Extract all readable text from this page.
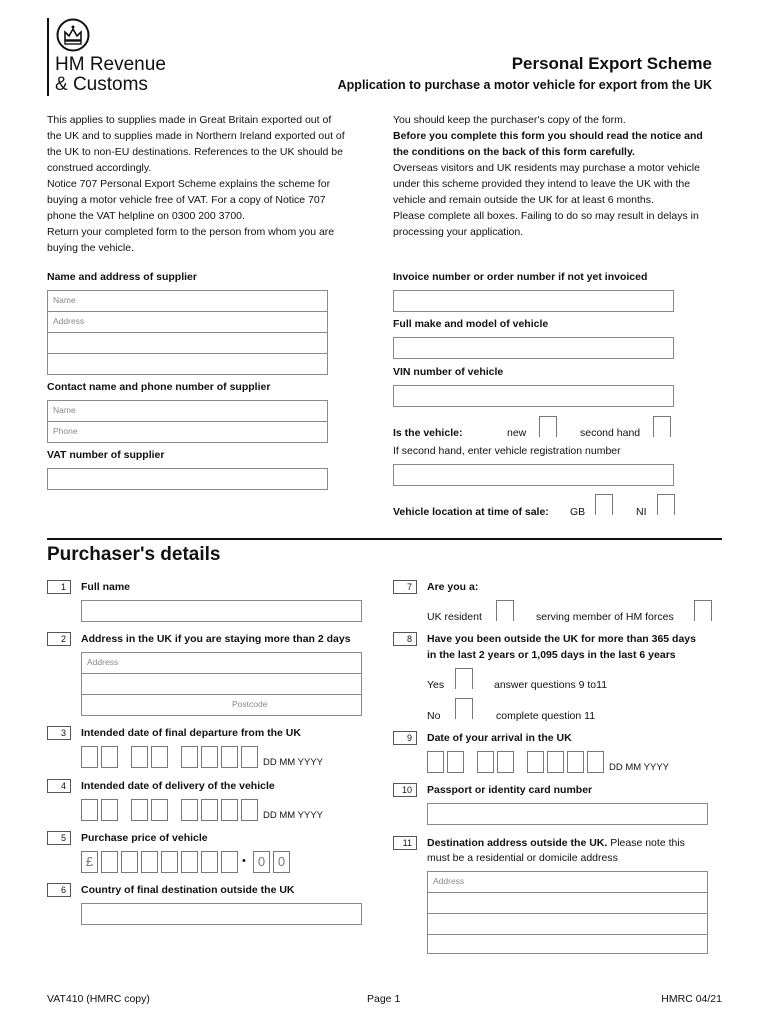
HM Revenue
& Customs
Personal Export Scheme
Application to purchase a motor vehicle for export from the UK
This applies to supplies made in Great Britain exported out of
the UK and to supplies made in Northern Ireland exported out of
the UK to non-EU destinations. References to the UK should be
construed accordingly.
Notice 707 Personal Export Scheme explains the scheme for
buying a motor vehicle free of VAT. For a copy of Notice 707
phone the VAT helpline on 0300 200 3700.
Return your completed form to the person from whom you are
buying the vehicle.
You should keep the purchaser's copy of the form.
Before you complete this form you should read the notice and
the conditions on the back of this form carefully.
Overseas visitors and UK residents may purchase a motor vehicle
under this scheme provided they intend to leave the UK with the
vehicle and remain outside the UK for at least 6 months.
Please complete all boxes. Failing to do so may result in delays in
processing your application.
Name and address of supplier
Name
Address
Contact name and phone number of supplier
Name
Phone
VAT number of supplier
Invoice number or order number if not yet invoiced
Full make and model of vehicle
VIN number of vehicle
Is the vehicle:	new	second hand
If second hand, enter vehicle registration number
Vehicle location at time of sale: GB	NI
Purchaser's details
1	Full name
2	Address in the UK if you are staying more than 2 days
Address
Postcode
3	Intended date of final departure from the UK
DD MM YYYY
4	Intended date of delivery of the vehicle
DD MM YYYY
5	Purchase price of vehicle
£	• 0 0
6	Country of final destination outside the UK
7	Are you a:
UK resident	serving member of HM forces
8	Have you been outside the UK for more than 365 days
in the last 2 years or 1,095 days in the last 6 years
Yes	answer questions 9 to11
No	complete question 11
9	Date of your arrival in the UK
DD MM YYYY
10	Passport or identity card number
11	Destination address outside the UK. Please note this
must be a residential or domicile address
Address
VAT410 (HMRC copy)	Page 1	HMRC 04/21
